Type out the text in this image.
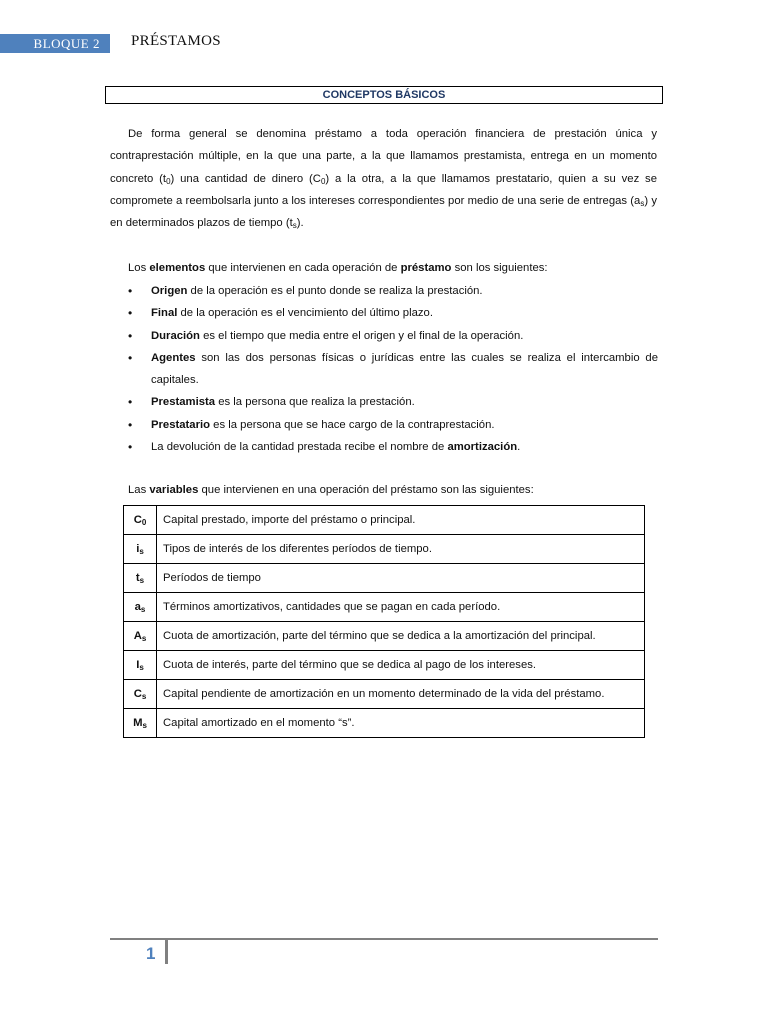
BLOQUE 2 PRÉSTAMOS
CONCEPTOS BÁSICOS

De forma general se denomina préstamo a toda operación financiera de prestación única y contraprestación múltiple, en la que una parte, a la que llamamos prestamista, entrega en un momento concreto $(t_0)$ una cantidad de dinero $(C_0)$ a la otra, a la que llamamos prestatario, quien a su vez se compromete a reembolsarla junto a los intereses correspondientes por medio de una serie de entregas $(a_s)$ y en determinados plazos de tiempo $(t_s)$.

Los elementos que intervienen en cada operación de préstamo son los siguientes:

• Origen de la operación es el punto donde se realiza la prestación.
• Final de la operación es el vencimiento del último plazo.
• Duración es el tiempo que media entre el origen y el final de la operación.
• Agentes son las dos personas físicas o jurídicas entre las cuales se realiza el intercambio de capitales.
• Prestamista es la persona que realiza la prestación.
• Prestatario es la persona que se hace cargo de la contraprestación.
• La devolución de la cantidad prestada recibe el nombre de amortización.

Las variables que intervienen en una operación del préstamo son las siguientes:

$C_0$	Capital prestado, importe del préstamo o principal.
$i_s$	Tipos de interés de los diferentes períodos de tiempo.
$t_s$	Períodos de tiempo
$a_s$	Términos amortizativos, cantidades que se pagan en cada período.
$A_s$	Cuota de amortización, parte del término que se dedica a la amortización del principal.
$I_s$	Cuota de interés, parte del término que se dedica al pago de los intereses.
$C_s$	Capital pendiente de amortización en un momento determinado de la vida del préstamo.
$M_s$	Capital amortizado en el momento “s”.
1
